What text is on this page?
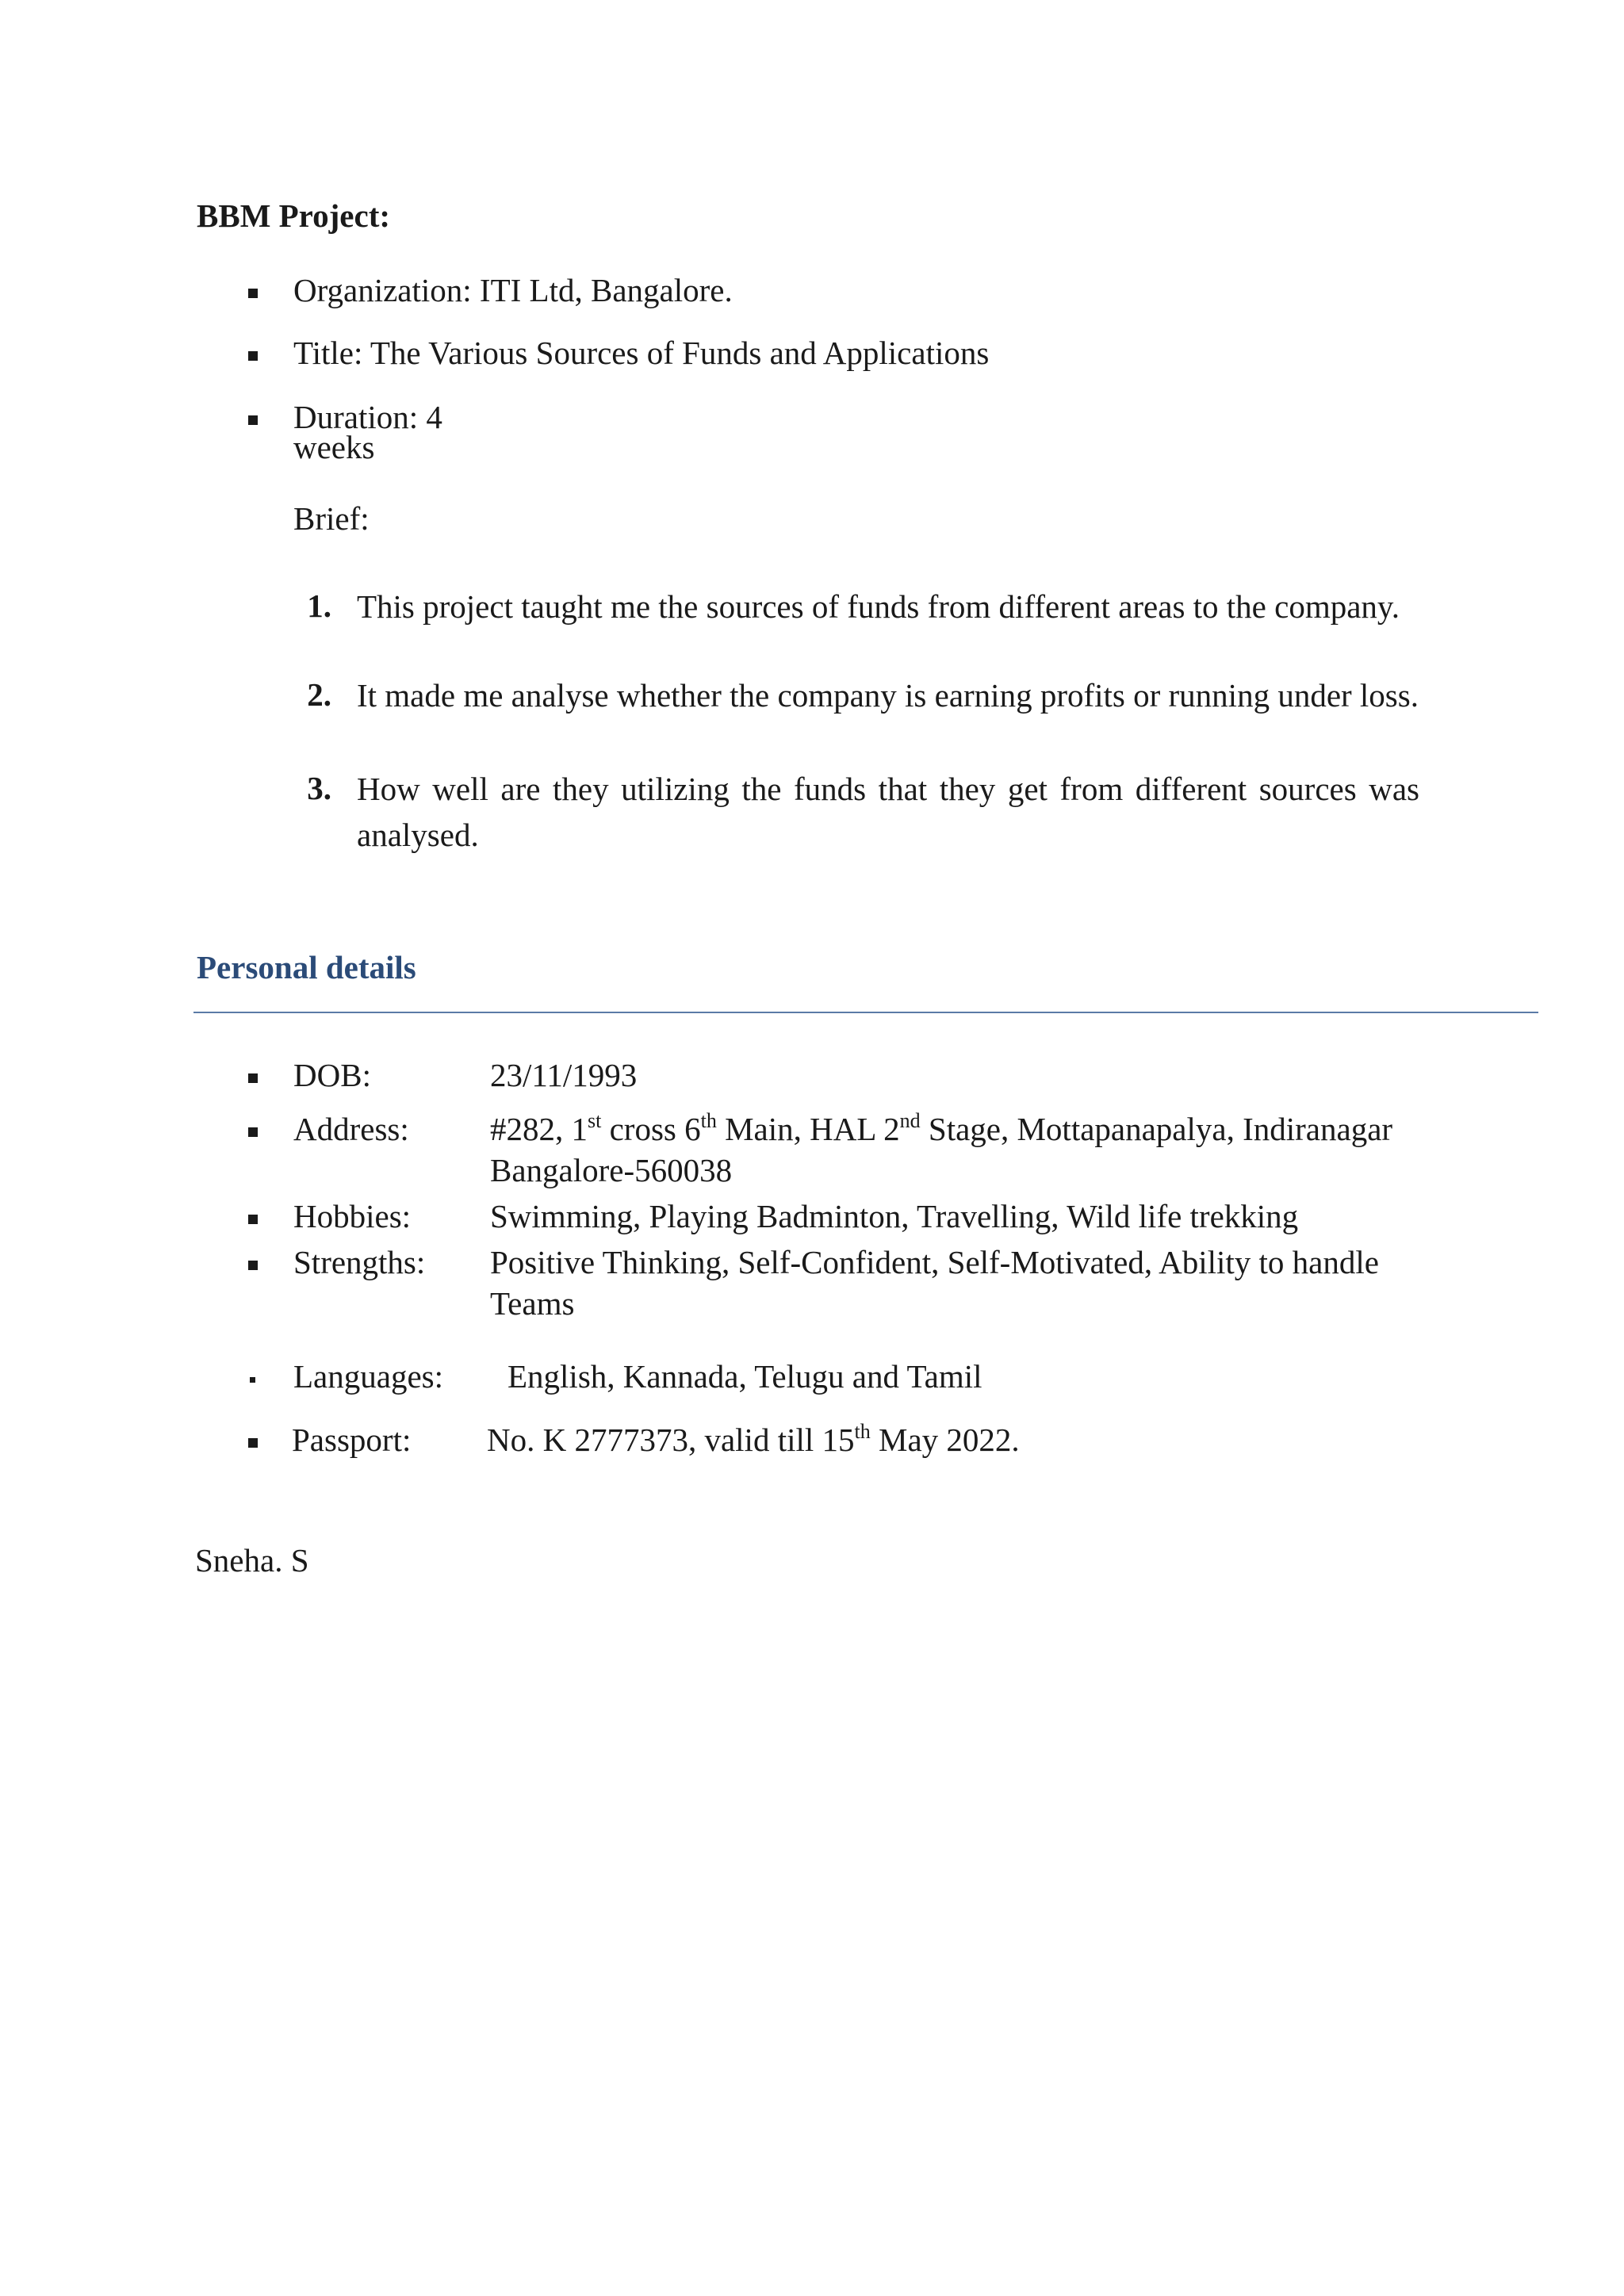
BBM Project:
Organization: ITI Ltd, Bangalore.
Title: The Various Sources of Funds and Applications
Duration: 4
weeks
Brief:
1. This project taught me the sources of funds from different areas to the company.
2. It made me analyse whether the company is earning profits or running under loss.
3. How well are they utilizing the funds that they get from different sources was analysed.
Personal details
DOB:	23/11/1993
Address: #282, 1st cross 6th Main, HAL 2nd Stage, Mottapanapalya, Indiranagar
Bangalore-560038
Hobbies: Swimming, Playing Badminton, Travelling, Wild life trekking
Strengths: Positive Thinking, Self-Confident, Self-Motivated, Ability to handle
Teams
Languages: English, Kannada, Telugu and Tamil
Passport: No. K 2777373, valid till 15th May 2022.
Sneha. S
